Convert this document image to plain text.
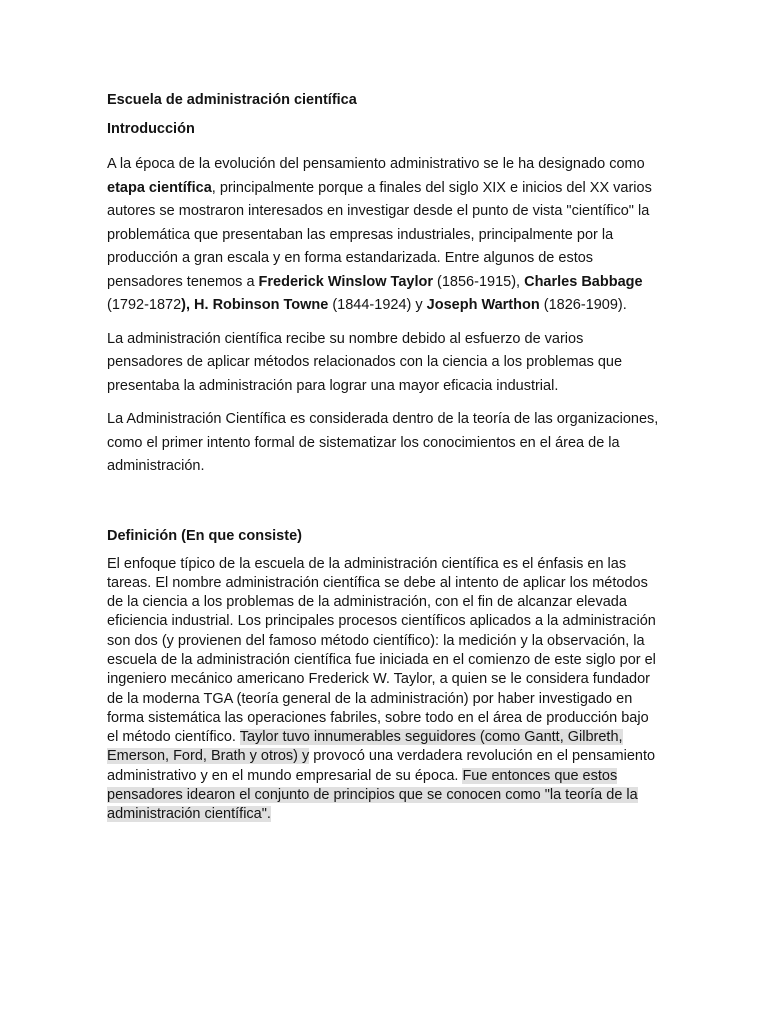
Escuela de administración científica

Introducción

A la época de la evolución del pensamiento administrativo se le ha designado como etapa científica, principalmente porque a finales del siglo XIX e inicios del XX varios autores se mostraron interesados en investigar desde el punto de vista "científico" la problemática que presentaban las empresas industriales, principalmente por la producción a gran escala y en forma estandarizada. Entre algunos de estos pensadores tenemos a Frederick Winslow Taylor (1856-1915), Charles Babbage (1792-1872), H. Robinson Towne (1844-1924) y Joseph Warthon (1826-1909).

La administración científica recibe su nombre debido al esfuerzo de varios pensadores de aplicar métodos relacionados con la ciencia a los problemas que presentaba la administración para lograr una mayor eficacia industrial.

La Administración Científica es considerada dentro de la teoría de las organizaciones, como el primer intento formal de sistematizar los conocimientos en el área de la administración.

Definición (En que consiste)

El enfoque típico de la escuela de la administración científica es el énfasis en las tareas. El nombre administración científica se debe al intento de aplicar los métodos de la ciencia a los problemas de la administración, con el fin de alcanzar elevada eficiencia industrial. Los principales procesos científicos aplicados a la administración son dos (y provienen del famoso método científico): la medición y la observación, la escuela de la administración científica fue iniciada en el comienzo de este siglo por el ingeniero mecánico americano Frederick W. Taylor, a quien se le considera fundador de la moderna TGA (teoría general de la administración) por haber investigado en forma sistemática las operaciones fabriles, sobre todo en el área de producción bajo el método científico. Taylor tuvo innumerables seguidores (como Gantt, Gilbreth, Emerson, Ford, Brath y otros) y provocó una verdadera revolución en el pensamiento administrativo y en el mundo empresarial de su época. Fue entonces que estos pensadores idearon el conjunto de principios que se conocen como "la teoría de la administración científica".
